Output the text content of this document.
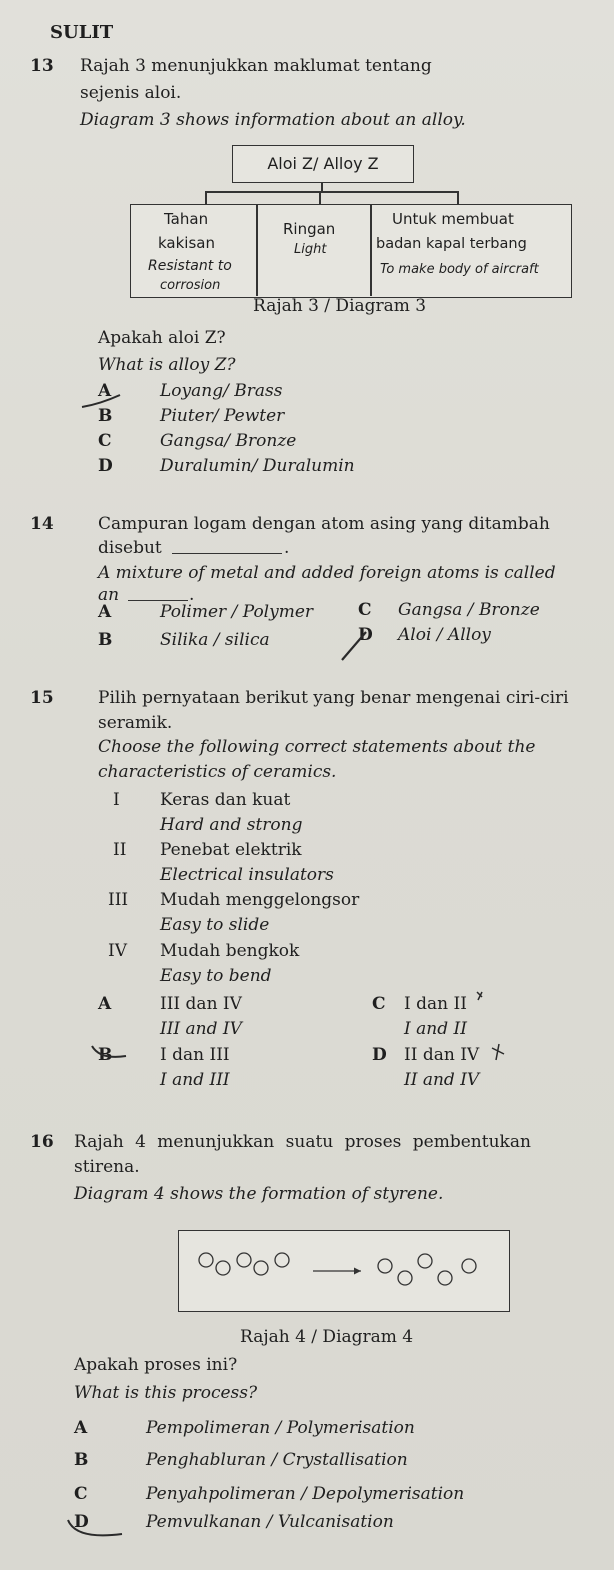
SULIT
13 Rajah 3 menunjukkan maklumat tentang
sejenis aloi.
Diagram 3 shows information about an alloy.
Aloi Z/ Alloy Z
Tahan
kakisan
Resistant to
corrosion
Ringan
Light
Untuk membuat
badan kapal terbang
To make body of aircraft
Rajah 3 / Diagram 3
Apakah aloi Z?
What is alloy Z?
A	Loyang/ Brass
B	Piuter/ Pewter
C	Gangsa/ Bronze
D	Duralumin/ Duralumin
14	Campuran logam dengan atom asing yang ditambah
disebut	.
A mixture of metal and added foreign atoms is called
an	.
A	Polimer / Polymer
B	Silika / silica
C Gangsa / Bronze
D Aloi / Alloy
15	Pilih pernyataan berikut yang benar mengenai ciri-ciri
seramik.
Choose the following correct statements about the
characteristics of ceramics.
I Keras dan kuat
Hard and strong
II Penebat elektrik
Electrical insulators
III Mudah menggelongsor
Easy to slide
IV Mudah bengkok
Easy to bend
A	III dan IV
III and IV
B	I dan III
I and III
C I dan II
I and II
D II dan IV
II and IV
16 Rajah 4 menunjukkan suatu proses pembentukan
stirena.
Diagram 4 shows the formation of styrene.
Rajah 4 / Diagram 4
Apakah proses ini?
What is this process?
A	Pempolimeran / Polymerisation
B	Penghabluran / Crystallisation
C	Penyahpolimeran / Depolymerisation
D	Pemvulkanan / Vulcanisation
